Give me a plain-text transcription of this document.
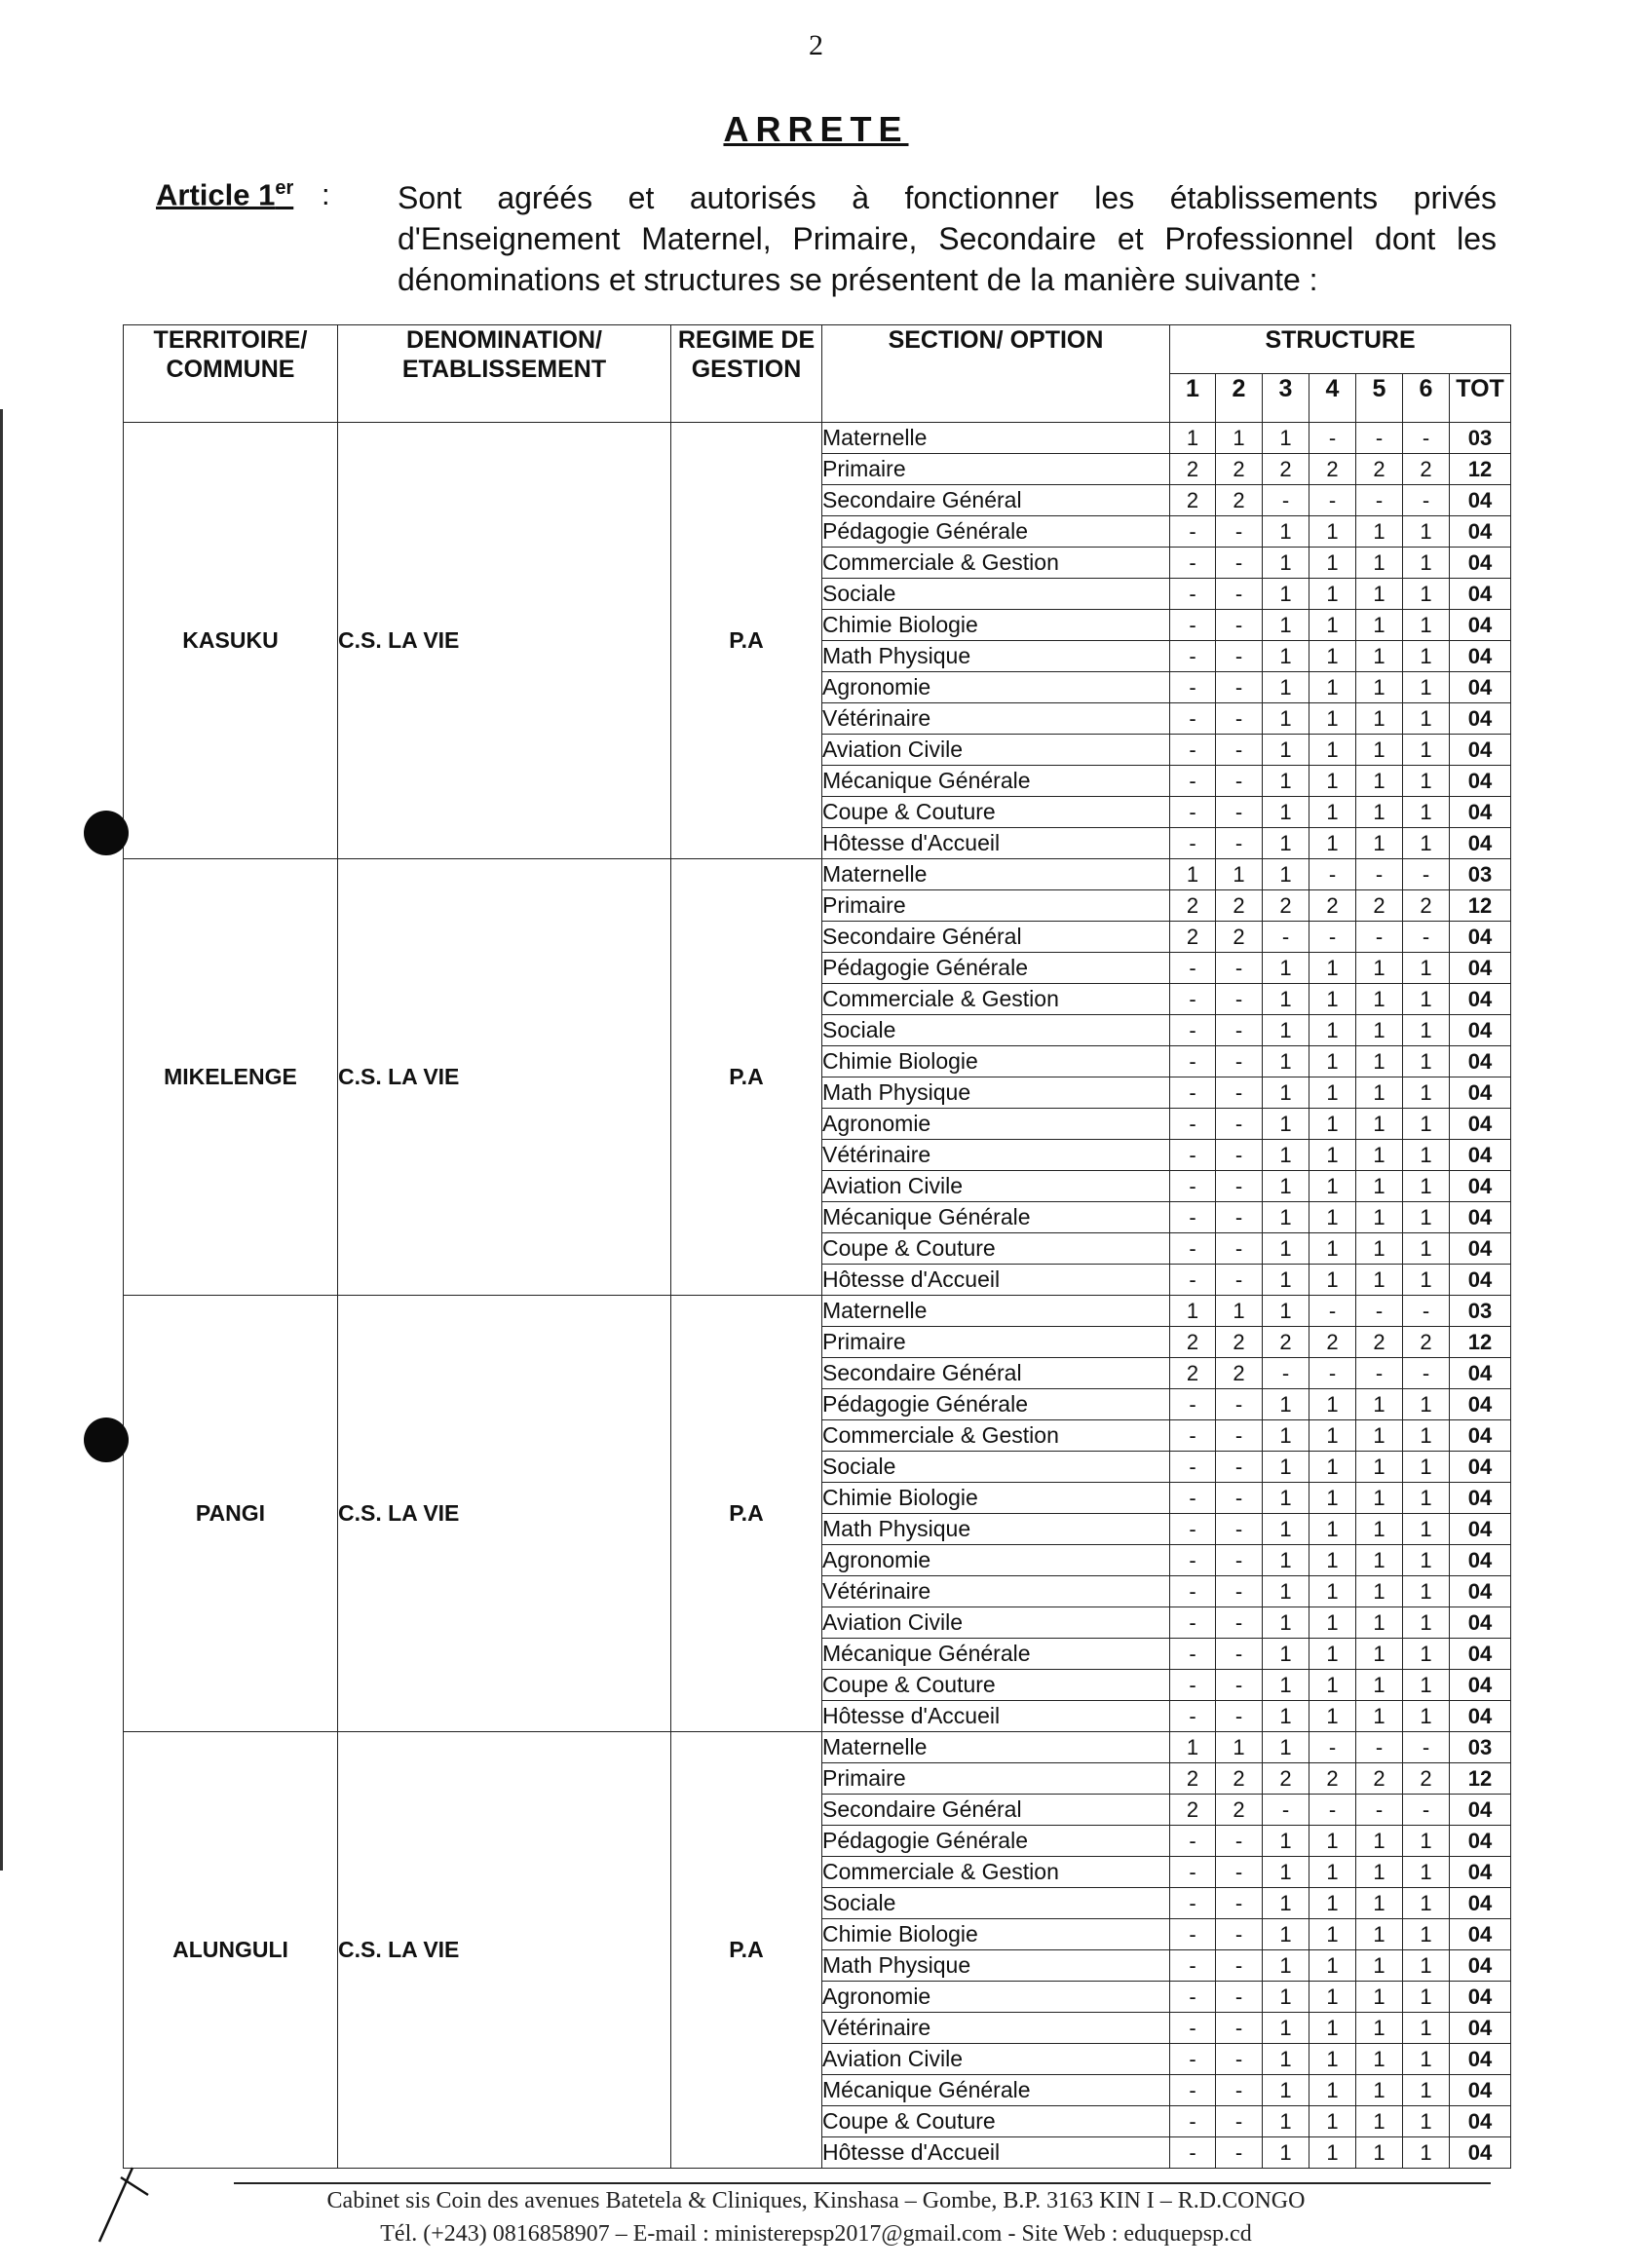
2
ARRETE
Article 1er : Sont agréés et autorisés à fonctionner les établissements privés d'Enseignement Maternel, Primaire, Secondaire et Professionnel dont les dénominations et structures se présentent de la manière suivante :
TERRITOIRE/ COMMUNE	DENOMINATION/ ETABLISSEMENT	REGIME DE GESTION	SECTION/ OPTION	STRUCTURE						
				1	2	3	4	5	6	TOT
KASUKU	C.S. LA VIE	P.A	Maternelle	1	1	1	-	-	-	03
			Primaire	2	2	2	2	2	2	12
			Secondaire Général	2	2	-	-	-	-	04
			Pédagogie Générale	-	-	1	1	1	1	04
			Commerciale & Gestion	-	-	1	1	1	1	04
			Sociale	-	-	1	1	1	1	04
			Chimie Biologie	-	-	1	1	1	1	04
			Math Physique	-	-	1	1	1	1	04
			Agronomie	-	-	1	1	1	1	04
			Vétérinaire	-	-	1	1	1	1	04
			Aviation Civile	-	-	1	1	1	1	04
			Mécanique Générale	-	-	1	1	1	1	04
			Coupe & Couture	-	-	1	1	1	1	04
			Hôtesse d'Accueil	-	-	1	1	1	1	04
MIKELENGE	C.S. LA VIE	P.A	Maternelle	1	1	1	-	-	-	03
			Primaire	2	2	2	2	2	2	12
			Secondaire Général	2	2	-	-	-	-	04
			Pédagogie Générale	-	-	1	1	1	1	04
			Commerciale & Gestion	-	-	1	1	1	1	04
			Sociale	-	-	1	1	1	1	04
			Chimie Biologie	-	-	1	1	1	1	04
			Math Physique	-	-	1	1	1	1	04
			Agronomie	-	-	1	1	1	1	04
			Vétérinaire	-	-	1	1	1	1	04
			Aviation Civile	-	-	1	1	1	1	04
			Mécanique Générale	-	-	1	1	1	1	04
			Coupe & Couture	-	-	1	1	1	1	04
			Hôtesse d'Accueil	-	-	1	1	1	1	04
PANGI	C.S. LA VIE	P.A	Maternelle	1	1	1	-	-	-	03
			Primaire	2	2	2	2	2	2	12
			Secondaire Général	2	2	-	-	-	-	04
			Pédagogie Générale	-	-	1	1	1	1	04
			Commerciale & Gestion	-	-	1	1	1	1	04
			Sociale	-	-	1	1	1	1	04
			Chimie Biologie	-	-	1	1	1	1	04
			Math Physique	-	-	1	1	1	1	04
			Agronomie	-	-	1	1	1	1	04
			Vétérinaire	-	-	1	1	1	1	04
			Aviation Civile	-	-	1	1	1	1	04
			Mécanique Générale	-	-	1	1	1	1	04
			Coupe & Couture	-	-	1	1	1	1	04
			Hôtesse d'Accueil	-	-	1	1	1	1	04
ALUNGULI	C.S. LA VIE	P.A	Maternelle	1	1	1	-	-	-	03
			Primaire	2	2	2	2	2	2	12
			Secondaire Général	2	2	-	-	-	-	04
			Pédagogie Générale	-	-	1	1	1	1	04
			Commerciale & Gestion	-	-	1	1	1	1	04
			Sociale	-	-	1	1	1	1	04
			Chimie Biologie	-	-	1	1	1	1	04
			Math Physique	-	-	1	1	1	1	04
			Agronomie	-	-	1	1	1	1	04
			Vétérinaire	-	-	1	1	1	1	04
			Aviation Civile	-	-	1	1	1	1	04
			Mécanique Générale	-	-	1	1	1	1	04
			Coupe & Couture	-	-	1	1	1	1	04
			Hôtesse d'Accueil	-	-	1	1	1	1	04
Cabinet sis Coin des avenues Batetela & Cliniques, Kinshasa – Gombe, B.P. 3163 KIN I – R.D.CONGO
Tél. (+243) 0816858907 – E-mail : ministerepsp2017@gmail.com - Site Web : eduquepsp.cd
